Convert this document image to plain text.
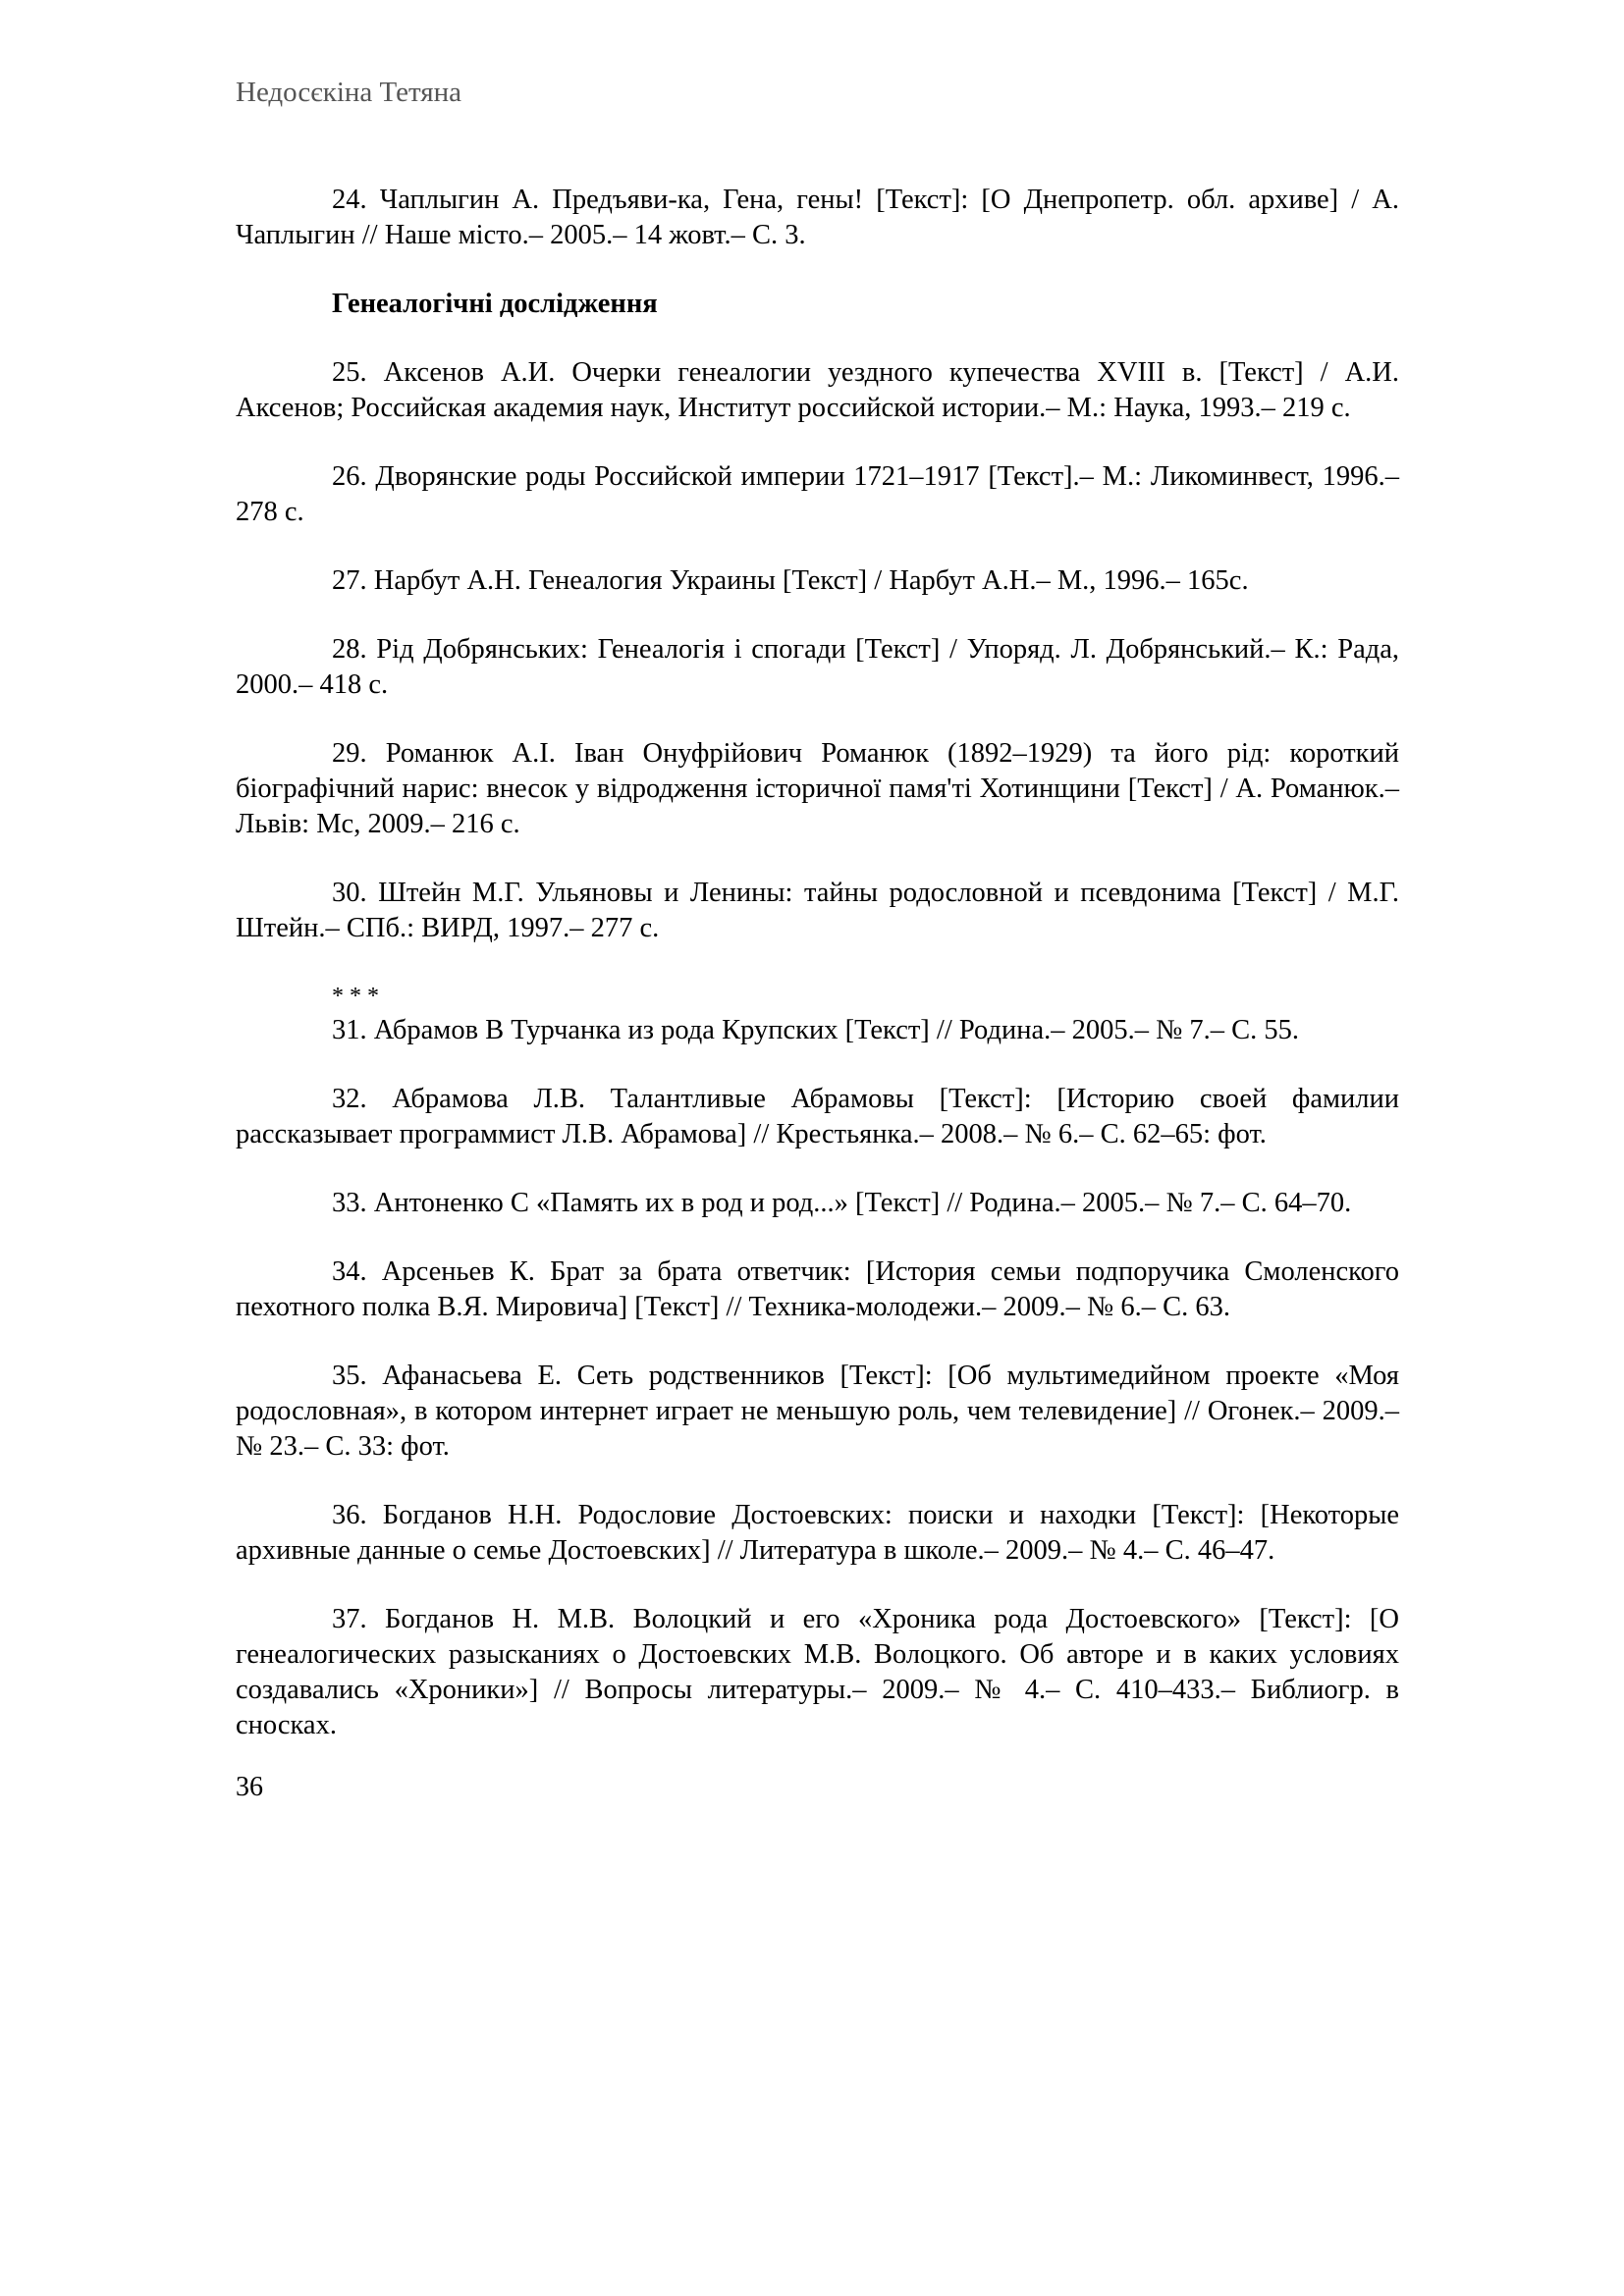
Недосєкіна Тетяна

24. Чаплыгин А. Предъяви-ка, Гена, гены! [Текст]: [О Днепропетр. обл. архиве] / А. Чаплыгин // Наше місто.– 2005.– 14 жовт.– С. 3.

Генеалогічні дослідження

25. Аксенов А.И. Очерки генеалогии уездного купечества XVIII в. [Текст] / А.И. Аксенов; Российская академия наук, Институт российской истории.– М.: Наука, 1993.– 219 с.

26. Дворянские роды Российской империи 1721–1917 [Текст].– М.: Ликоминвест, 1996.– 278 с.

27. Нарбут А.Н. Генеалогия Украины [Текст] / Нарбут А.Н.– М., 1996.– 165с.

28. Рід Добрянських: Генеалогія і спогади [Текст] / Упоряд. Л. Добрянський.– К.: Рада, 2000.– 418 с.

29. Романюк А.І. Іван Онуфрійович Романюк (1892–1929) та його рід: короткий біографічний нарис: внесок у відродження історичної памя'ті Хотинщини [Текст] / А. Романюк.– Львів: Мс, 2009.– 216 с.

30. Штейн М.Г. Ульяновы и Ленины: тайны родословной и псевдонима [Текст] / М.Г. Штейн.– СПб.: ВИРД, 1997.– 277 с.

* * *

31. Абрамов В Турчанка из рода Крупских [Текст] // Родина.– 2005.– № 7.– С. 55.

32. Абрамова Л.В. Талантливые Абрамовы [Текст]: [Историю своей фамилии рассказывает программист Л.В. Абрамова] // Крестьянка.– 2008.– № 6.– С. 62–65: фот.

33. Антоненко С «Память их в род и род...» [Текст] // Родина.– 2005.– № 7.– С. 64–70.

34. Арсеньев К. Брат за брата ответчик: [История семьи подпоручика Смоленского пехотного полка В.Я. Мировича] [Текст] // Техника-молодежи.– 2009.– № 6.– С. 63.

35. Афанасьева Е. Сеть родственников [Текст]: [Об мультимедийном проекте «Моя родословная», в котором интернет играет не меньшую роль, чем телевидение] // Огонек.– 2009.– № 23.– С. 33: фот.

36. Богданов Н.Н. Родословие Достоевских: поиски и находки [Текст]: [Некоторые архивные данные о семье Достоевских] // Литература в школе.– 2009.– № 4.– С. 46–47.

37. Богданов Н. М.В. Волоцкий и его «Хроника рода Достоевского» [Текст]: [О генеалогических разысканиях о Достоевских М.В. Волоцкого. Об авторе и в каких условиях создавались «Хроники»] // Вопросы литературы.– 2009.– № 4.– С. 410–433.– Библиогр. в сносках.

36
